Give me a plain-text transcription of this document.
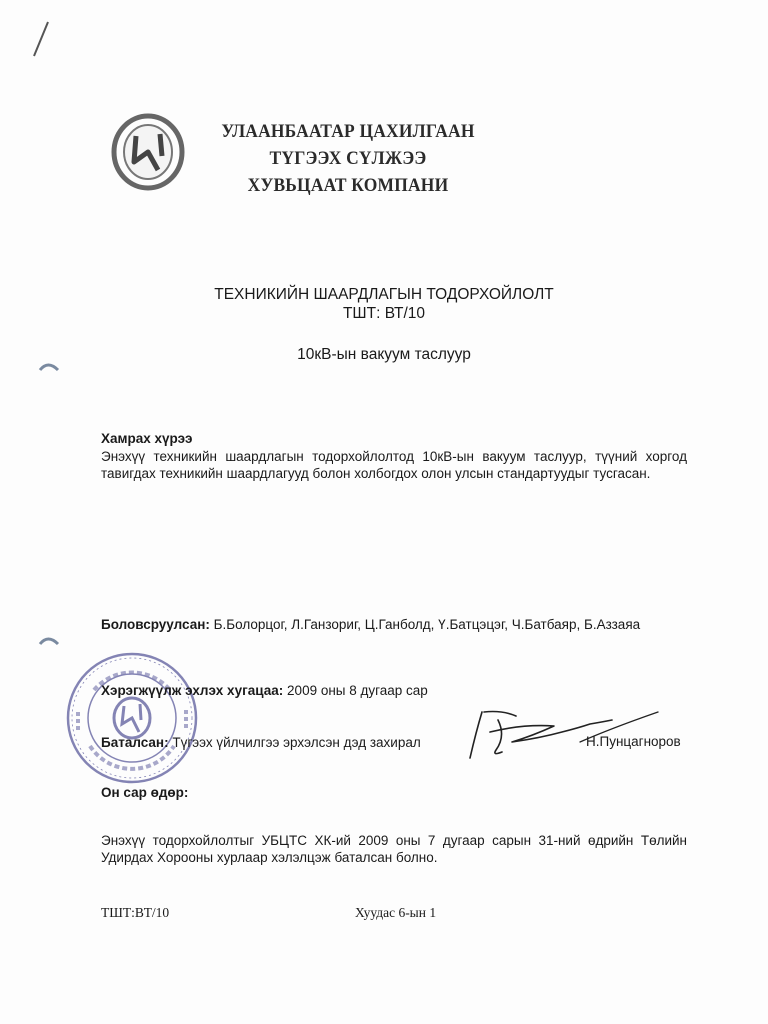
УЛААНБААТАР ЦАХИЛГААН ТҮГЭЭХ СҮЛЖЭЭ
ХУВЬЦААТ КОМПАНИ
ТЕХНИКИЙН ШААРДЛАГЫН ТОДОРХОЙЛОЛТ
ТШТ: ВТ/10
10кВ-ын вакуум таслуур
Хамрах хүрээ
Энэхүү техникийн шаардлагын тодорхойлолтод 10кВ-ын вакуум таслуур, түүний хоргод тавигдах техникийн шаардлагууд болон холбогдох олон улсын стандартуудыг тусгасан.
Боловсруулсан: Б.Болорцог, Л.Ганзориг, Ц.Ганболд, Ү.Батцэцэг, Ч.Батбаяр, Б.Аззаяа
Хэрэгжүүлж эхлэх хугацаа: 2009 оны 8 дугаар сар
Баталсан: Түгээх үйлчилгээ эрхэлсэн дэд захирал	Н.Пунцагноров
Он сар өдөр:
Энэхүү тодорхойлолтыг УБЦТС ХК-ий 2009 оны 7 дугаар сарын 31-ний өдрийн Төлийн Удирдах Хорооны хурлаар хэлэлцэж баталсан болно.
ТШТ:ВТ/10	Хуудас 6-ын 1
